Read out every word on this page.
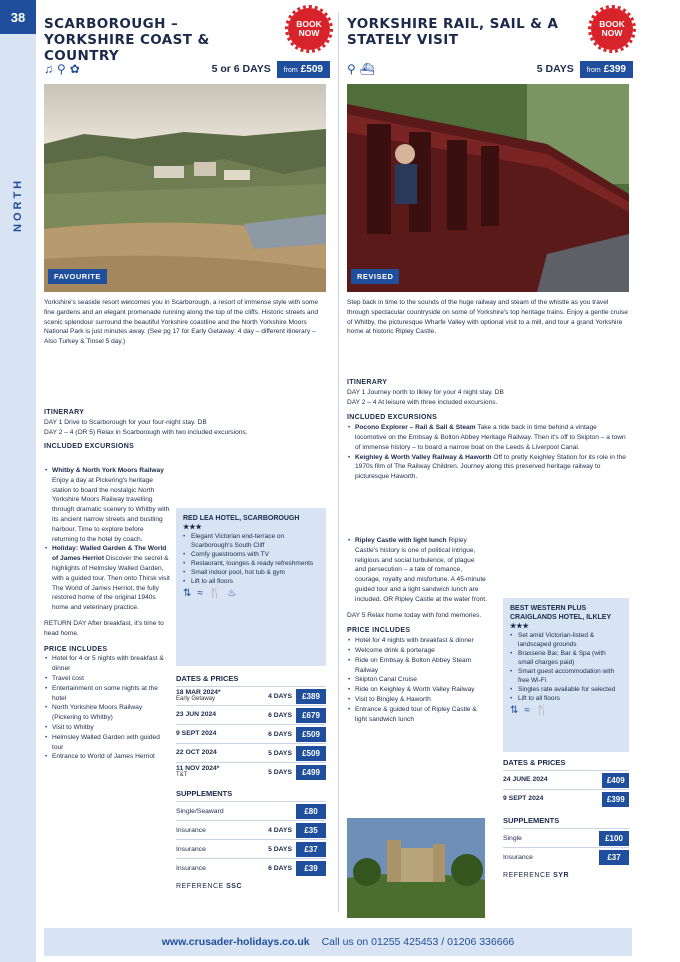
38
NORTH
SCARBOROUGH – YORKSHIRE COAST & COUNTRY
BOOK NOW
♫ ⚲ ✿	5 or 6 DAYS	from £509
FAVOURITE
Yorkshire's seaside resort welcomes you in Scarborough, a resort of immense style with some fine gardens and an elegant promenade running along the top of the cliffs. Historic streets and scenic splendour surround the beautiful Yorkshire coastline and the North Yorkshire Moors National Park is just minutes away. (See pg 17 for Early Getaway: 4 day – different itinerary – Also Turkey & Tinsel 5 day.)
ITINERARY
DAY 1 Drive to Scarborough for your four-night stay. DB
DAY 2 – 4 (OR 5) Relax in Scarborough with two included excursions.
INCLUDED EXCURSIONS
• Whitby & North York Moors Railway Enjoy a day at Pickering's heritage station to board the nostalgic North Yorkshire Moors Railway travelling through dramatic scenery to Whitby with its ancient narrow streets and bustling harbour. Time to explore before returning to the hotel by coach.
• Holiday: Walled Garden & The World of James Herriot Discover the secret & highlights of Helmsley Walled Garden, with a guided tour. Then onto Thirsk visit The World of James Herriot, the fully restored home of the original 1940s home and veterinary practice.
RETURN DAY After breakfast, it's time to head home.
PRICE INCLUDES
• Hotel for 4 or 5 nights with breakfast & dinner
• Travel cost
• Entertainment on some nights at the hotel
• North Yorkshire Moors Railway (Pickering to Whitby)
• Visit to Whitby
• Helmsley Walled Garden with guided tour
• Entrance to World of James Herriot
RED LEA HOTEL, SCARBOROUGH ★★★
• Elegant Victorian end-terrace on Scarborough's South Cliff
• Comfy guestrooms with TV
• Restaurant, lounges & ready refreshments
• Small indoor pool, hot tub & gym
• Lift to all floors
⇅ ≈ 🍴 ♨
DATES & PRICES
18 MAR 2024*
Early Getaway	4 DAYS	£389
23 JUN 2024	6 DAYS	£679
9 SEPT 2024	6 DAYS	£509
22 OCT 2024	5 DAYS	£509
11 NOV 2024*
T&T	5 DAYS	£499
SUPPLEMENTS
Single/Seaward	£80
Insurance	4 DAYS	£35
Insurance	5 DAYS	£37
Insurance	6 DAYS	£39
REFERENCE SSC
YORKSHIRE RAIL, SAIL & A STATELY VISIT
BOOK NOW
⚲ ⛴	5 DAYS	from £399
REVISED
Step back in time to the sounds of the huge railway and steam of the whistle as you travel through spectacular countryside on some of Yorkshire's top heritage trains. Enjoy a gentle cruise of Whitby, the picturesque Wharfe Valley with optional visit to a mill, and tour a grand Yorkshire home at historic Ripley Castle.
ITINERARY
DAY 1 Journey north to Ilkley for your 4 night stay. DB
DAY 2 – 4 At leisure with three included excursions.
INCLUDED EXCURSIONS
• Pocono Explorer – Rail & Sail & Steam Take a ride back in time behind a vintage locomotive on the Embsay & Bolton Abbey Heritage Railway. Then it's off to Skipton – a town of immense history – to board a narrow boat on the Leeds & Liverpool Canal.
• Keighley & Worth Valley Railway & Haworth Off to pretty Keighley Station for its role in the 1970s film of The Railway Children. Journey along this preserved heritage railway to picturesque Haworth.
• Ripley Castle with light lunch Ripley Castle's history is one of political intrigue, religious and social turbulence, of plague and persecution – a tale of romance, courage, royalty and misfortune. A 45-minute guided tour and a light sandwich lunch are included. OR Ripley Castle at the water front.
DAY 5 Relax home today with fond memories.
PRICE INCLUDES
• Hotel for 4 nights with breakfast & dinner
• Welcome drink & porterage
• Ride on Embsay & Bolton Abbey Steam Railway
• Skipton Canal Cruise
• Ride on Keighley & Worth Valley Railway
• Visit to Bingley & Haworth
• Entrance & guided tour of Ripley Castle & light sandwich lunch
BEST WESTERN PLUS CRAIGLANDS HOTEL, ILKLEY ★★★
• Set amid Victorian-listed & landscaped grounds
• Brasserie Bar, Bar & Spa (with small charges paid)
• Smart guest accommodation with free Wi-Fi
• Singles rate available for selected
• Lift to all floors
⇅ ≈ 🍴
DATES & PRICES
24 JUNE 2024	£409
9 SEPT 2024	£399
SUPPLEMENTS
Single	£100
Insurance	£37
REFERENCE SYR
www.crusader-holidays.co.uk Call us on 01255 425453 / 01206 336666
